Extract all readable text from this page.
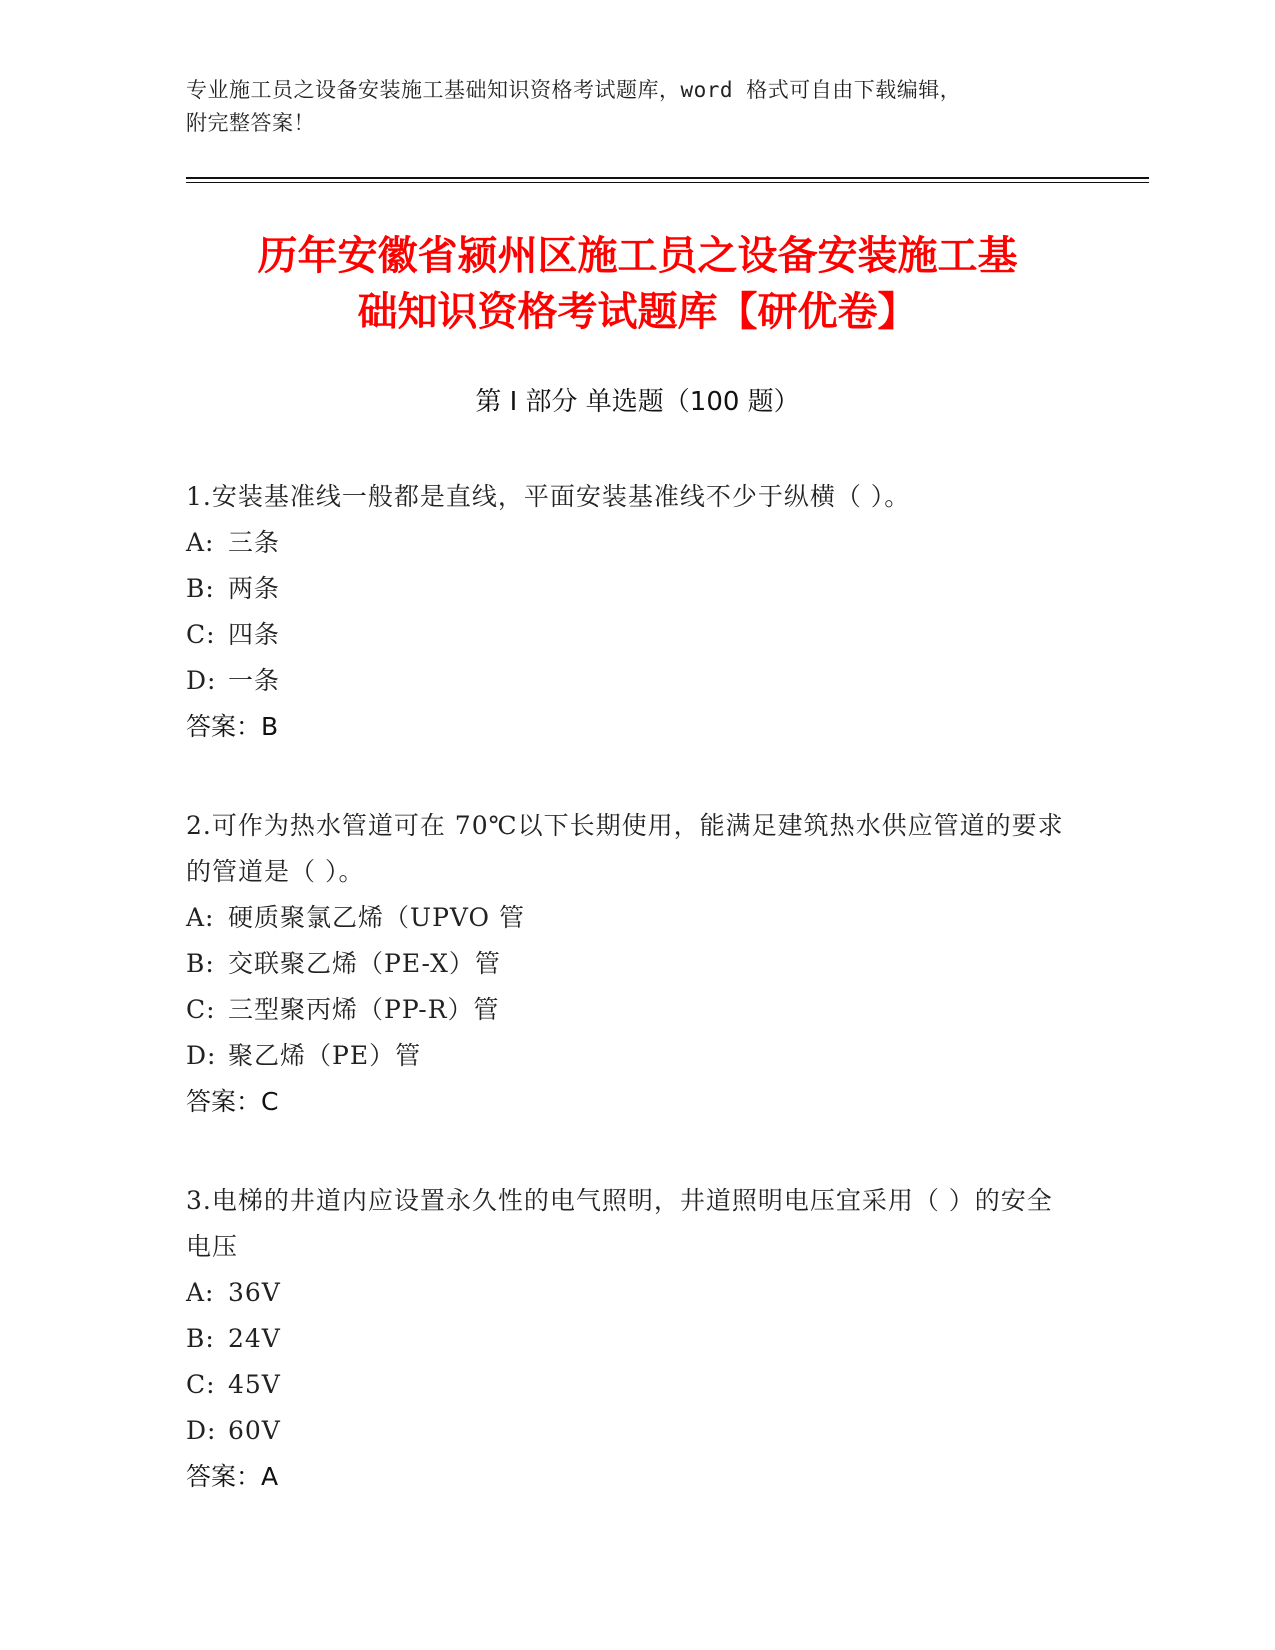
专业施工员之设备安装施工基础知识资格考试题库，word 格式可自由下载编辑，
附完整答案！
历年安徽省颍州区施工员之设备安装施工基
础知识资格考试题库【研优卷】
第 I 部分 单选题（100 题）

1.安装基准线一般都是直线，平面安装基准线不少于纵横（ ）。

A: 三条

B: 两条

C: 四条

D: 一条

答案：B

2.可作为热水管道可在 70℃以下长期使用，能满足建筑热水供应管道的要求的管道是（ ）。

A: 硬质聚氯乙烯（UPVO 管

B: 交联聚乙烯（PE-X）管

C: 三型聚丙烯（PP-R）管

D: 聚乙烯（PE）管

答案：C

3.电梯的井道内应设置永久性的电气照明，井道照明电压宜采用（ ）的安全电压

A: 36V

B: 24V

C: 45V

D: 60V

答案：A
